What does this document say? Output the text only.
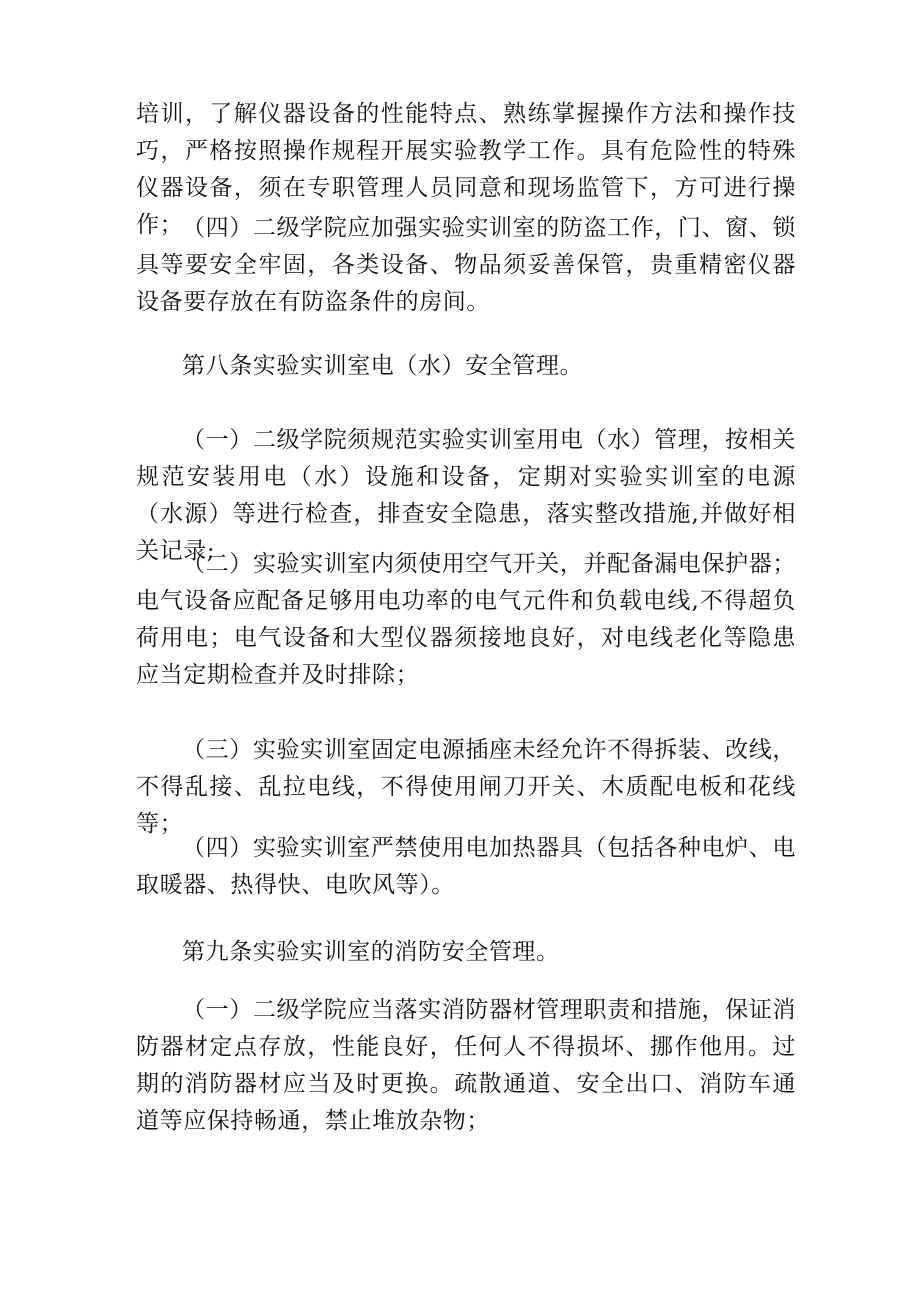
培训，了解仪器设备的性能特点、熟练掌握操作方法和操作技巧，严格按照操作规程开展实验教学工作。具有危险性的特殊仪器设备，须在专职管理人员同意和现场监管下，方可进行操作；

（四）二级学院应加强实验实训室的防盗工作，门、窗、锁具等要安全牢固，各类设备、物品须妥善保管，贵重精密仪器设备要存放在有防盗条件的房间。

第八条实验实训室电（水）安全管理。

（一）二级学院须规范实验实训室用电（水）管理，按相关规范安装用电（水）设施和设备，定期对实验实训室的电源（水源）等进行检查，排查安全隐患，落实整改措施,并做好相关记录;

（二）实验实训室内须使用空气开关，并配备漏电保护器；电气设备应配备足够用电功率的电气元件和负载电线,不得超负荷用电；电气设备和大型仪器须接地良好，对电线老化等隐患应当定期检查并及时排除；

（三）实验实训室固定电源插座未经允许不得拆装、改线，不得乱接、乱拉电线，不得使用闸刀开关、木质配电板和花线等；

（四）实验实训室严禁使用电加热器具（包括各种电炉、电取暖器、热得快、电吹风等）。

第九条实验实训室的消防安全管理。

（一）二级学院应当落实消防器材管理职责和措施，保证消防器材定点存放，性能良好，任何人不得损坏、挪作他用。过期的消防器材应当及时更换。疏散通道、安全出口、消防车通道等应保持畅通，禁止堆放杂物；
